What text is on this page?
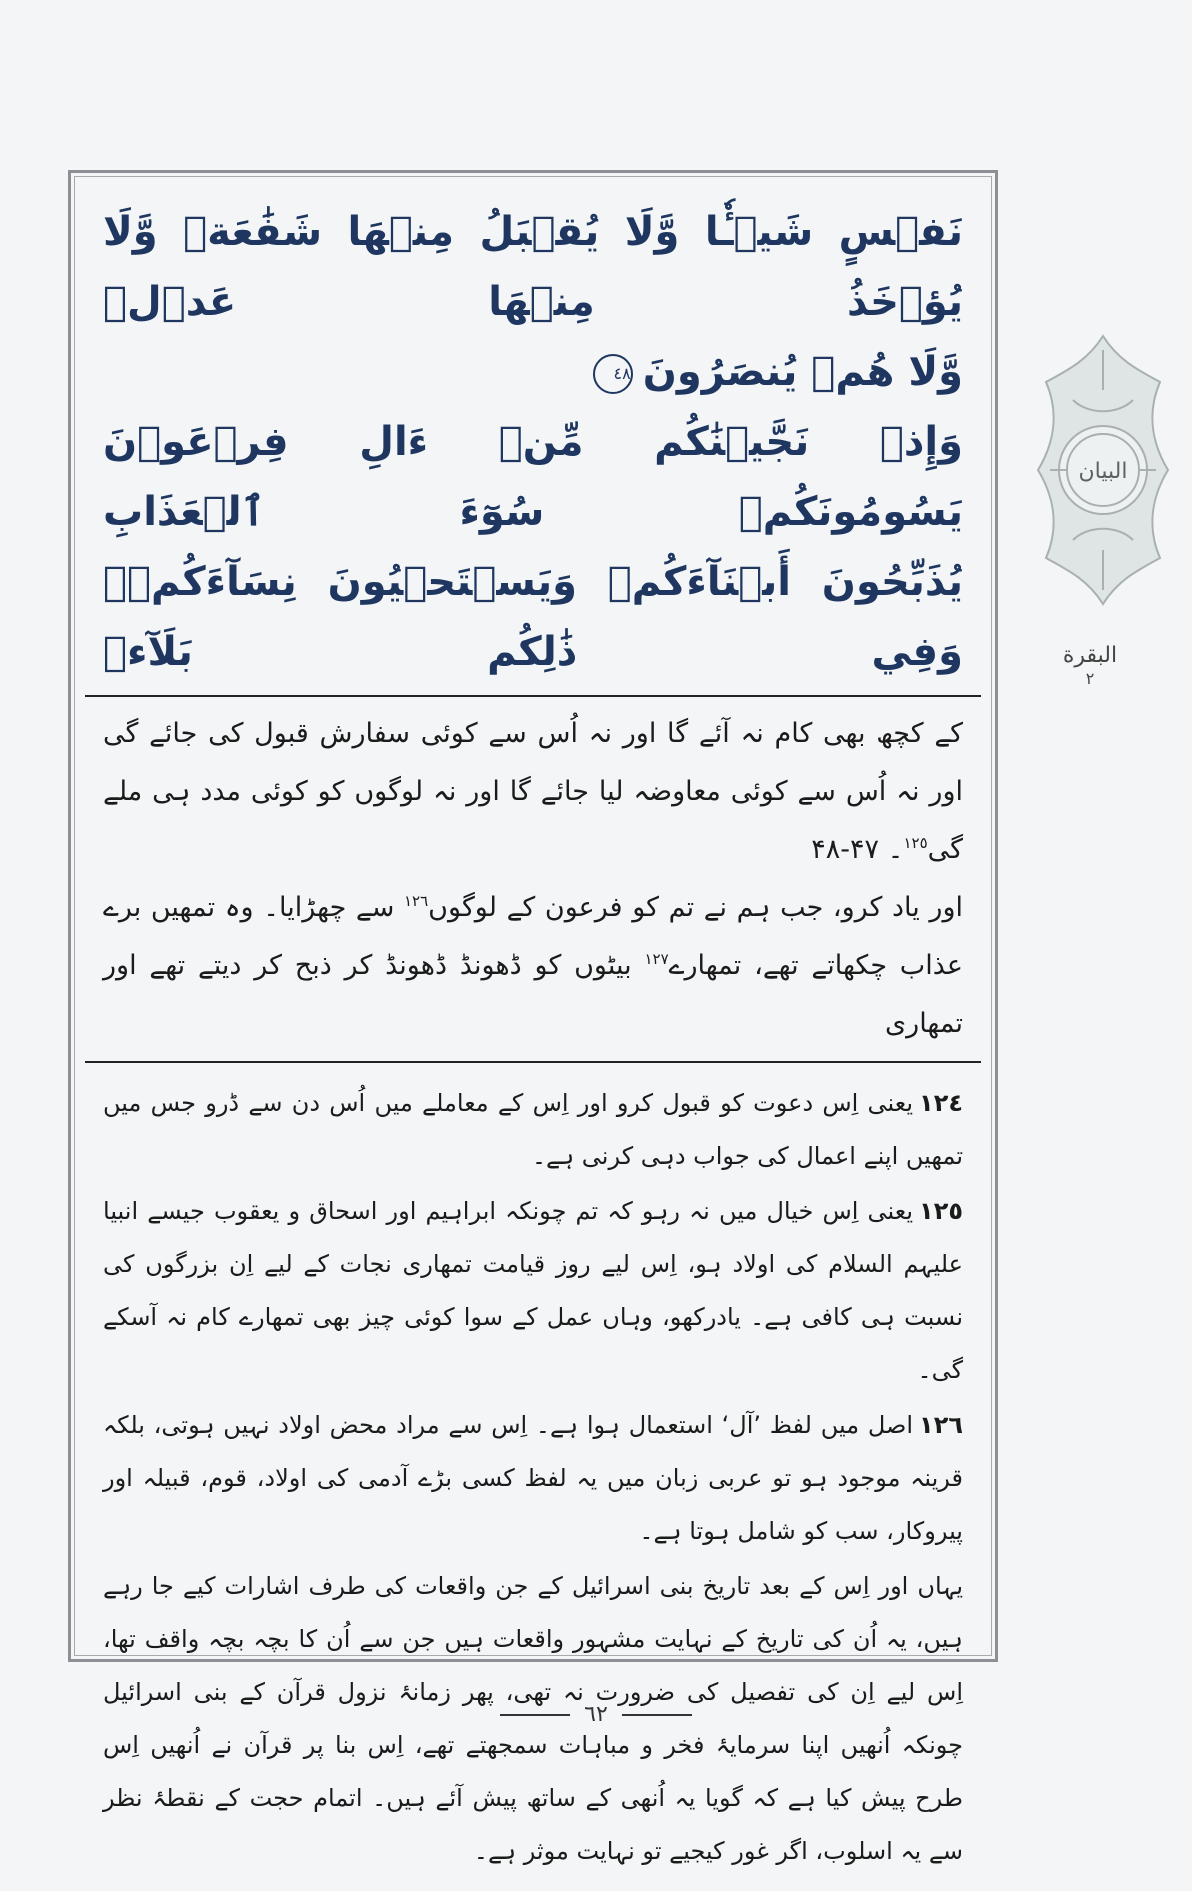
نَفۡسٍ شَيۡـٔٗا وَّلَا يُقۡبَلُ مِنۡهَا شَفَٰعَةٞ وَّلَا يُؤۡخَذُ مِنۡهَا عَدۡلٞ

وَّلَا هُمۡ يُنصَرُونَ٤٨

وَإِذۡ نَجَّيۡنَٰكُم مِّنۡ ءَالِ فِرۡعَوۡنَ يَسُومُونَكُمۡ سُوٓءَ ٱلۡعَذَابِ

يُذَبِّحُونَ أَبۡنَآءَكُمۡ وَيَسۡتَحۡيُونَ نِسَآءَكُمۡۚ وَفِي ذَٰلِكُم بَلَآءٞ

کے کچھ بھی کام نہ آئے گا اور نہ اُس سے کوئی سفارش قبول کی جائے گی اور نہ اُس سے کوئی معاوضہ لیا جائے گا اور نہ لوگوں کو کوئی مدد ہی ملے گی$^{١٢٥}$۔ ۴۷-۴۸

اور یاد کرو، جب ہم نے تم کو فرعون کے لوگوں$^{١٢٦}$ سے چھڑایا۔ وہ تمھیں برے عذاب چکھاتے تھے، تمھارے$^{١٢٧}$ بیٹوں کو ڈھونڈ ڈھونڈ کر ذبح کر دیتے تھے اور تمھاری

١٢٤یعنی اِس دعوت کو قبول کرو اور اِس کے معاملے میں اُس دن سے ڈرو جس میں تمھیں اپنے اعمال کی جواب دہی کرنی ہے۔

١٢٥یعنی اِس خیال میں نہ رہو کہ تم چونکہ ابراہیم اور اسحاق و یعقوب جیسے انبیا علیہم السلام کی اولاد ہو، اِس لیے روز قیامت تمھاری نجات کے لیے اِن بزرگوں کی نسبت ہی کافی ہے۔ یادرکھو، وہاں عمل کے سوا کوئی چیز بھی تمھارے کام نہ آسکے گی۔

١٢٦اصل میں لفظ ’آل‘ استعمال ہوا ہے۔ اِس سے مراد محض اولاد نہیں ہوتی، بلکہ قرینہ موجود ہو تو عربی زبان میں یہ لفظ کسی بڑے آدمی کی اولاد، قوم، قبیلہ اور پیروکار، سب کو شامل ہوتا ہے۔

یہاں اور اِس کے بعد تاریخ بنی اسرائیل کے جن واقعات کی طرف اشارات کیے جا رہے ہیں، یہ اُن کی تاریخ کے نہایت مشہور واقعات ہیں جن سے اُن کا بچہ بچہ واقف تھا، اِس لیے اِن کی تفصیل کی ضرورت نہ تھی، پھر زمانۂ نزول قرآن کے بنی اسرائیل چونکہ اُنھیں اپنا سرمایۂ فخر و مباہات سمجھتے تھے، اِس بنا پر قرآن نے اُنھیں اِس طرح پیش کیا ہے کہ گویا یہ اُنھی کے ساتھ پیش آئے ہیں۔ اتمام حجت کے نقطۂ نظر سے یہ اسلوب، اگر غور کیجیے تو نہایت موثر ہے۔

البیان
البقرة
٢
٦٢
